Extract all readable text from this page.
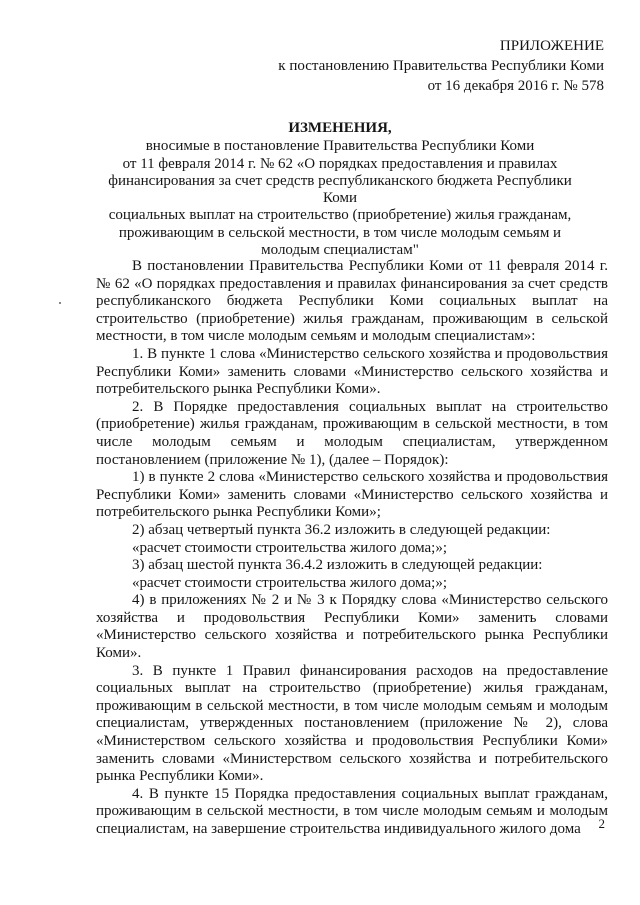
ПРИЛОЖЕНИЕ
к постановлению Правительства Республики Коми
от 16 декабря 2016 г. № 578
ИЗМЕНЕНИЯ,
вносимые в постановление Правительства Республики Коми
от 11 февраля 2014 г. № 62 «О порядках предоставления и правилах
финансирования за счет средств республиканского бюджета Республики Коми
социальных выплат на строительство (приобретение) жилья гражданам,
проживающим в сельской местности, в том числе молодым семьям и
молодым специалистам"

В постановлении Правительства Республики Коми от 11 февраля 2014 г. № 62 «О порядках предоставления и правилах финансирования за счет средств республиканского бюджета Республики Коми социальных выплат на строительство (приобретение) жилья гражданам, проживающим в сельской местности, в том числе молодым семьям и молодым специалистам»:

1. В пункте 1 слова «Министерство сельского хозяйства и продовольствия Республики Коми» заменить словами «Министерство сельского хозяйства и потребительского рынка Республики Коми».

2. В Порядке предоставления социальных выплат на строительство (приобретение) жилья гражданам, проживающим в сельской местности, в том числе молодым семьям и молодым специалистам, утвержденном постановлением (приложение № 1), (далее – Порядок):

1) в пункте 2 слова «Министерство сельского хозяйства и продовольствия Республики Коми» заменить словами «Министерство сельского хозяйства и потребительского рынка Республики Коми»;

2) абзац четвертый пункта 36.2 изложить в следующей редакции:

«расчет стоимости строительства жилого дома;»;

3) абзац шестой пункта 36.4.2 изложить в следующей редакции:

«расчет стоимости строительства жилого дома;»;

4) в приложениях № 2 и № 3 к Порядку слова «Министерство сельского хозяйства и продовольствия Республики Коми» заменить словами «Министерство сельского хозяйства и потребительского рынка Республики Коми».

3. В пункте 1 Правил финансирования расходов на предоставление социальных выплат на строительство (приобретение) жилья гражданам, проживающим в сельской местности, в том числе молодым семьям и молодым специалистам, утвержденных постановлением (приложение № 2), слова «Министерством сельского хозяйства и продовольствия Республики Коми» заменить словами «Министерством сельского хозяйства и потребительского рынка Республики Коми».

4. В пункте 15 Порядка предоставления социальных выплат гражданам, проживающим в сельской местности, в том числе молодым семьям и молодым специалистам, на завершение строительства индивидуального жилого дома	2
